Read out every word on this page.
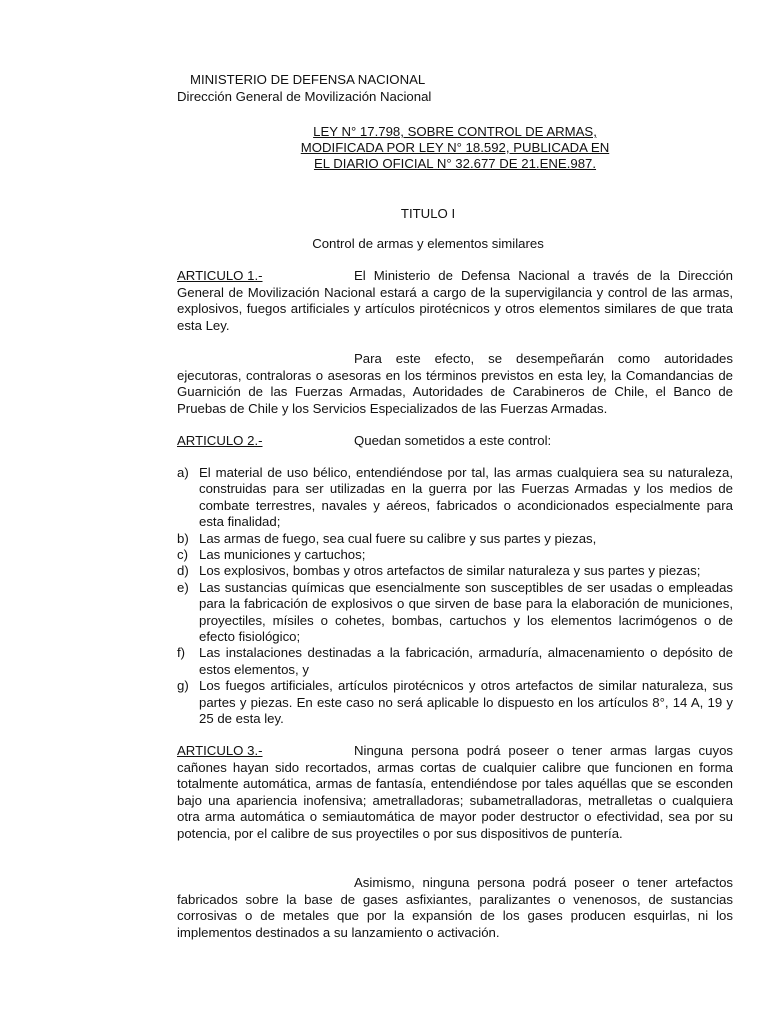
MINISTERIO DE DEFENSA NACIONAL
Dirección General de Movilización Nacional
LEY N° 17.798, SOBRE CONTROL DE ARMAS,
MODIFICADA POR LEY N° 18.592, PUBLICADA EN
EL DIARIO OFICIAL N° 32.677 DE 21.ENE.987.
TITULO I
Control de armas y elementos similares
ARTICULO 1.-	El Ministerio de Defensa Nacional a través de la Dirección General de Movilización Nacional estará a cargo de la supervigilancia y control de las armas, explosivos, fuegos artificiales y artículos pirotécnicos y otros elementos similares de que trata esta Ley.
Para este efecto, se desempeñarán como autoridades ejecutoras, contraloras o asesoras en los términos previstos en esta ley, la Comandancias de Guarnición de las Fuerzas Armadas, Autoridades de Carabineros de Chile, el Banco de Pruebas de Chile y los Servicios Especializados de las Fuerzas Armadas.
ARTICULO 2.-	Quedan sometidos a este control:
a) El material de uso bélico, entendiéndose por tal, las armas cualquiera sea su naturaleza, construidas para ser utilizadas en la guerra por las Fuerzas Armadas y los medios de combate terrestres, navales y aéreos, fabricados o acondicionados especialmente para esta finalidad;
b) Las armas de fuego, sea cual fuere su calibre y sus partes y piezas,
c) Las municiones y cartuchos;
d) Los explosivos, bombas y otros artefactos de similar naturaleza y sus partes y piezas;
e) Las sustancias químicas que esencialmente son susceptibles de ser usadas o empleadas para la fabricación de explosivos o que sirven de base para la elaboración de municiones, proyectiles, mísiles o cohetes, bombas, cartuchos y los elementos lacrimógenos o de efecto fisiológico;
f) Las instalaciones destinadas a la fabricación, armaduría, almacenamiento o depósito de estos elementos, y
g) Los fuegos artificiales, artículos pirotécnicos y otros artefactos de similar naturaleza, sus partes y piezas. En este caso no será aplicable lo dispuesto en los artículos 8°, 14 A, 19 y 25 de esta ley.
ARTICULO 3.-	Ninguna persona podrá poseer o tener armas largas cuyos cañones hayan sido recortados, armas cortas de cualquier calibre que funcionen en forma totalmente automática, armas de fantasía, entendiéndose por tales aquéllas que se esconden bajo una apariencia inofensiva; ametralladoras; subametralladoras, metralletas o cualquiera otra arma automática o semiautomática de mayor poder destructor o efectividad, sea por su potencia, por el calibre de sus proyectiles o por sus dispositivos de puntería.
Asimismo, ninguna persona podrá poseer o tener artefactos fabricados sobre la base de gases asfixiantes, paralizantes o venenosos, de sustancias corrosivas o de metales que por la expansión de los gases producen esquirlas, ni los implementos destinados a su lanzamiento o activación.
